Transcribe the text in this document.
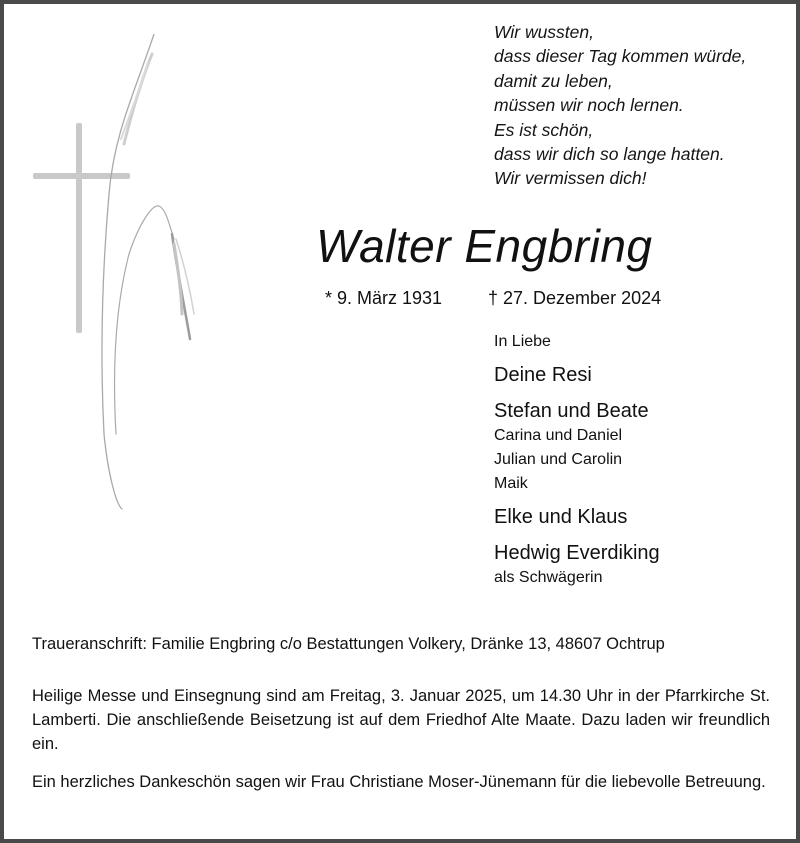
Wir wussten,
dass dieser Tag kommen würde,
damit zu leben,
müssen wir noch lernen.
Es ist schön,
dass wir dich so lange hatten.
Wir vermissen dich!
Walter Engbring
* 9. März 1931	† 27. Dezember 2024
In Liebe
Deine Resi
Stefan und Beate
Carina und Daniel
Julian und Carolin
Maik
Elke und Klaus
Hedwig Everdiking
als Schwägerin
Traueranschrift: Familie Engbring c/o Bestattungen Volkery, Dränke 13, 48607 Ochtrup
Heilige Messe und Einsegnung sind am Freitag, 3. Januar 2025, um 14.30 Uhr in der Pfarrkirche St. Lamberti. Die anschließende Beisetzung ist auf dem Friedhof Alte Maate. Dazu laden wir freundlich ein.
Ein herzliches Dankeschön sagen wir Frau Christiane Moser-Jünemann für die liebevolle Betreuung.
